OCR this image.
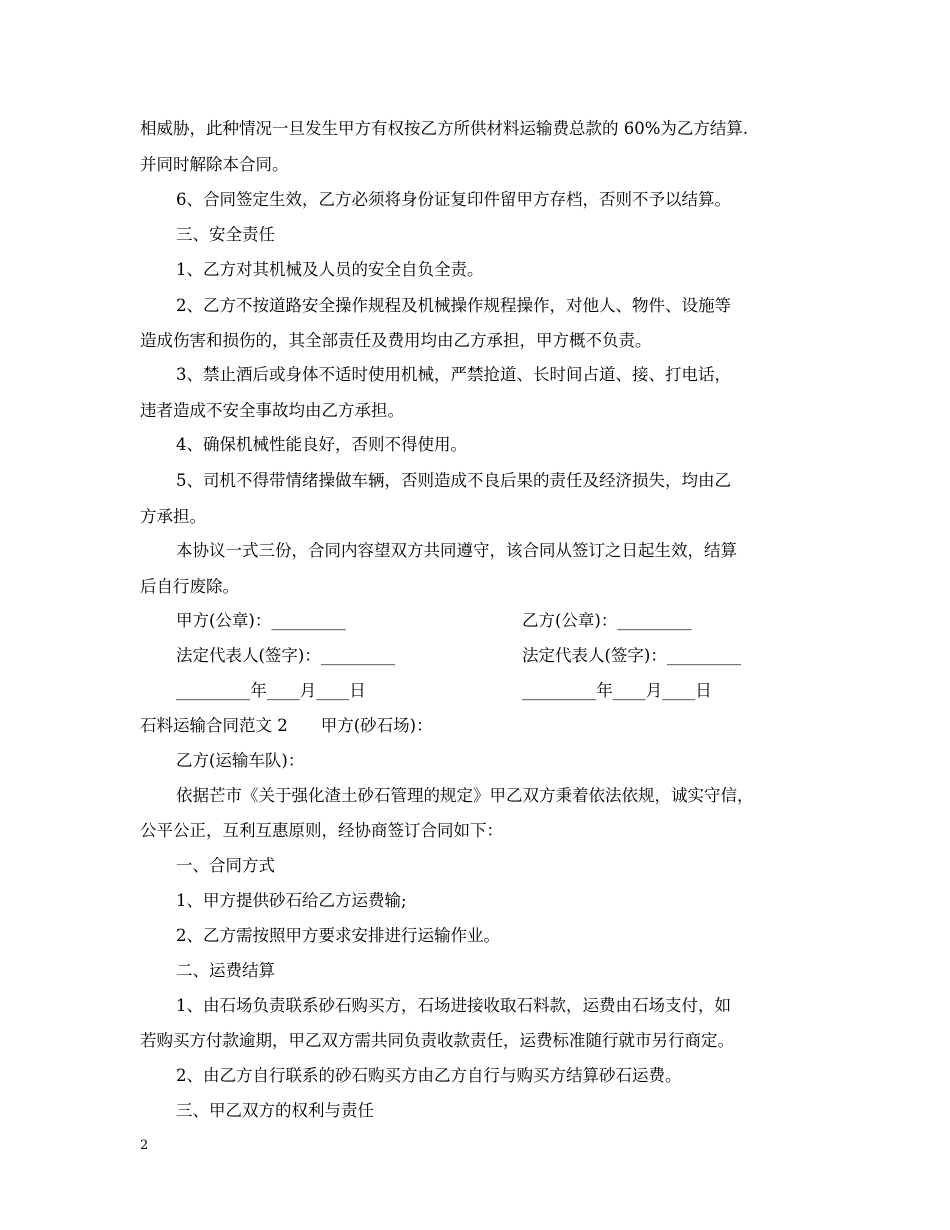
相威胁，此种情况一旦发生甲方有权按乙方所供材料运输费总款的 60%为乙方结算.
并同时解除本合同。
6、合同签定生效，乙方必须将身份证复印件留甲方存档，否则不予以结算。
三、安全责任
1、乙方对其机械及人员的安全自负全责。
2、乙方不按道路安全操作规程及机械操作规程操作，对他人、物件、设施等
造成伤害和损伤的，其全部责任及费用均由乙方承担，甲方概不负责。
3、禁止酒后或身体不适时使用机械，严禁抢道、长时间占道、接、打电话，
违者造成不安全事故均由乙方承担。
4、确保机械性能良好，否则不得使用。
5、司机不得带情绪操做车辆，否则造成不良后果的责任及经济损失，均由乙
方承担。
本协议一式三份，合同内容望双方共同遵守，该合同从签订之日起生效，结算
后自行废除。
甲方(公章)：_________	乙方(公章)：_________
法定代表人(签字)：_________	法定代表人(签字)：_________
_________年____月____日	_________年____月____日
石料运输合同范文 2　　甲方(砂石场)：
乙方(运输车队)：
依据芒市《关于强化渣土砂石管理的规定》甲乙双方秉着依法依规，诚实守信，
公平公正，互利互惠原则，经协商签订合同如下：
一、合同方式
1、甲方提供砂石给乙方运费输;
2、乙方需按照甲方要求安排进行运输作业。
二、运费结算
1、由石场负责联系砂石购买方，石场进接收取石料款，运费由石场支付，如
若购买方付款逾期，甲乙双方需共同负责收款责任，运费标准随行就市另行商定。
2、由乙方自行联系的砂石购买方由乙方自行与购买方结算砂石运费。
三、甲乙双方的权利与责任
2
